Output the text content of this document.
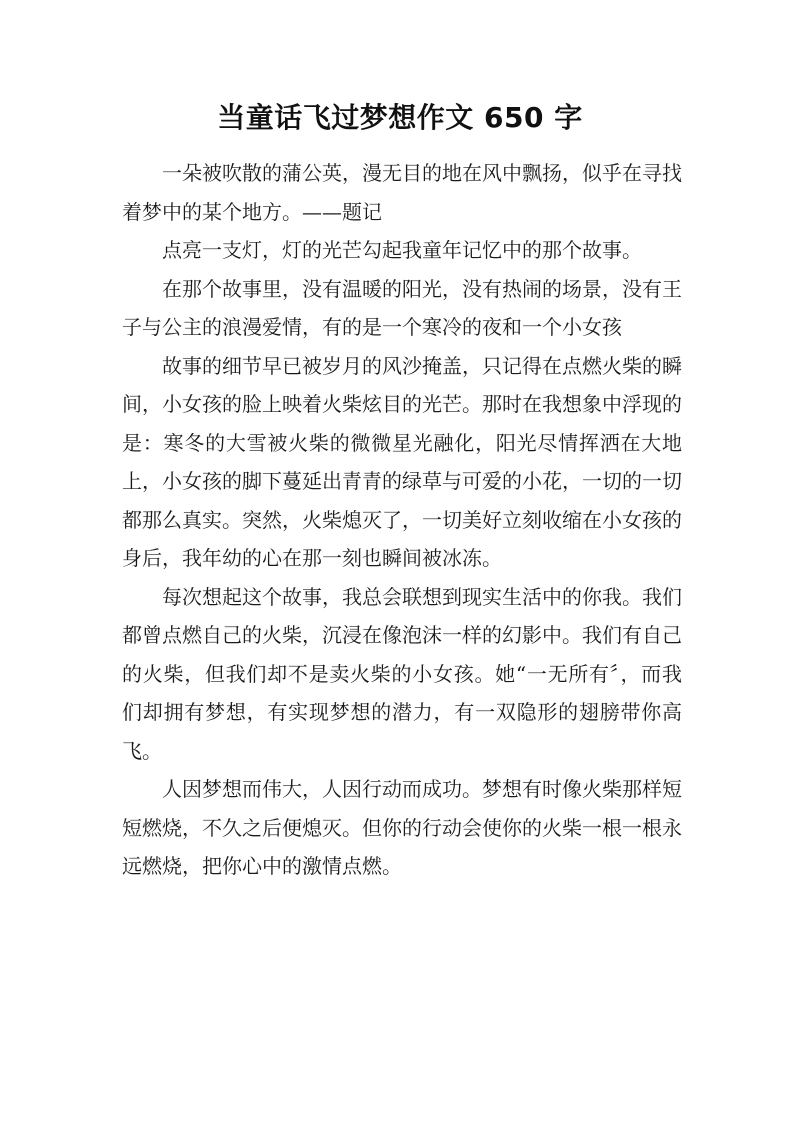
当童话飞过梦想作文 650 字

一朵被吹散的蒲公英，漫无目的地在风中飘扬，似乎在寻找着梦中的某个地方。——题记

点亮一支灯，灯的光芒勾起我童年记忆中的那个故事。

在那个故事里，没有温暖的阳光，没有热闹的场景，没有王子与公主的浪漫爱情，有的是一个寒冷的夜和一个小女孩

故事的细节早已被岁月的风沙掩盖，只记得在点燃火柴的瞬间，小女孩的脸上映着火柴炫目的光芒。那时在我想象中浮现的是：寒冬的大雪被火柴的微微星光融化，阳光尽情挥洒在大地上，小女孩的脚下蔓延出青青的绿草与可爱的小花，一切的一切都那么真实。突然，火柴熄灭了，一切美好立刻收缩在小女孩的身后，我年幼的心在那一刻也瞬间被冰冻。

每次想起这个故事，我总会联想到现实生活中的你我。我们都曾点燃自己的火柴，沉浸在像泡沫一样的幻影中。我们有自己的火柴，但我们却不是卖火柴的小女孩。她“一无所有〞，而我们却拥有梦想，有实现梦想的潜力，有一双隐形的翅膀带你高飞。

人因梦想而伟大，人因行动而成功。梦想有时像火柴那样短短燃烧，不久之后便熄灭。但你的行动会使你的火柴一根一根永远燃烧，把你心中的激情点燃。
